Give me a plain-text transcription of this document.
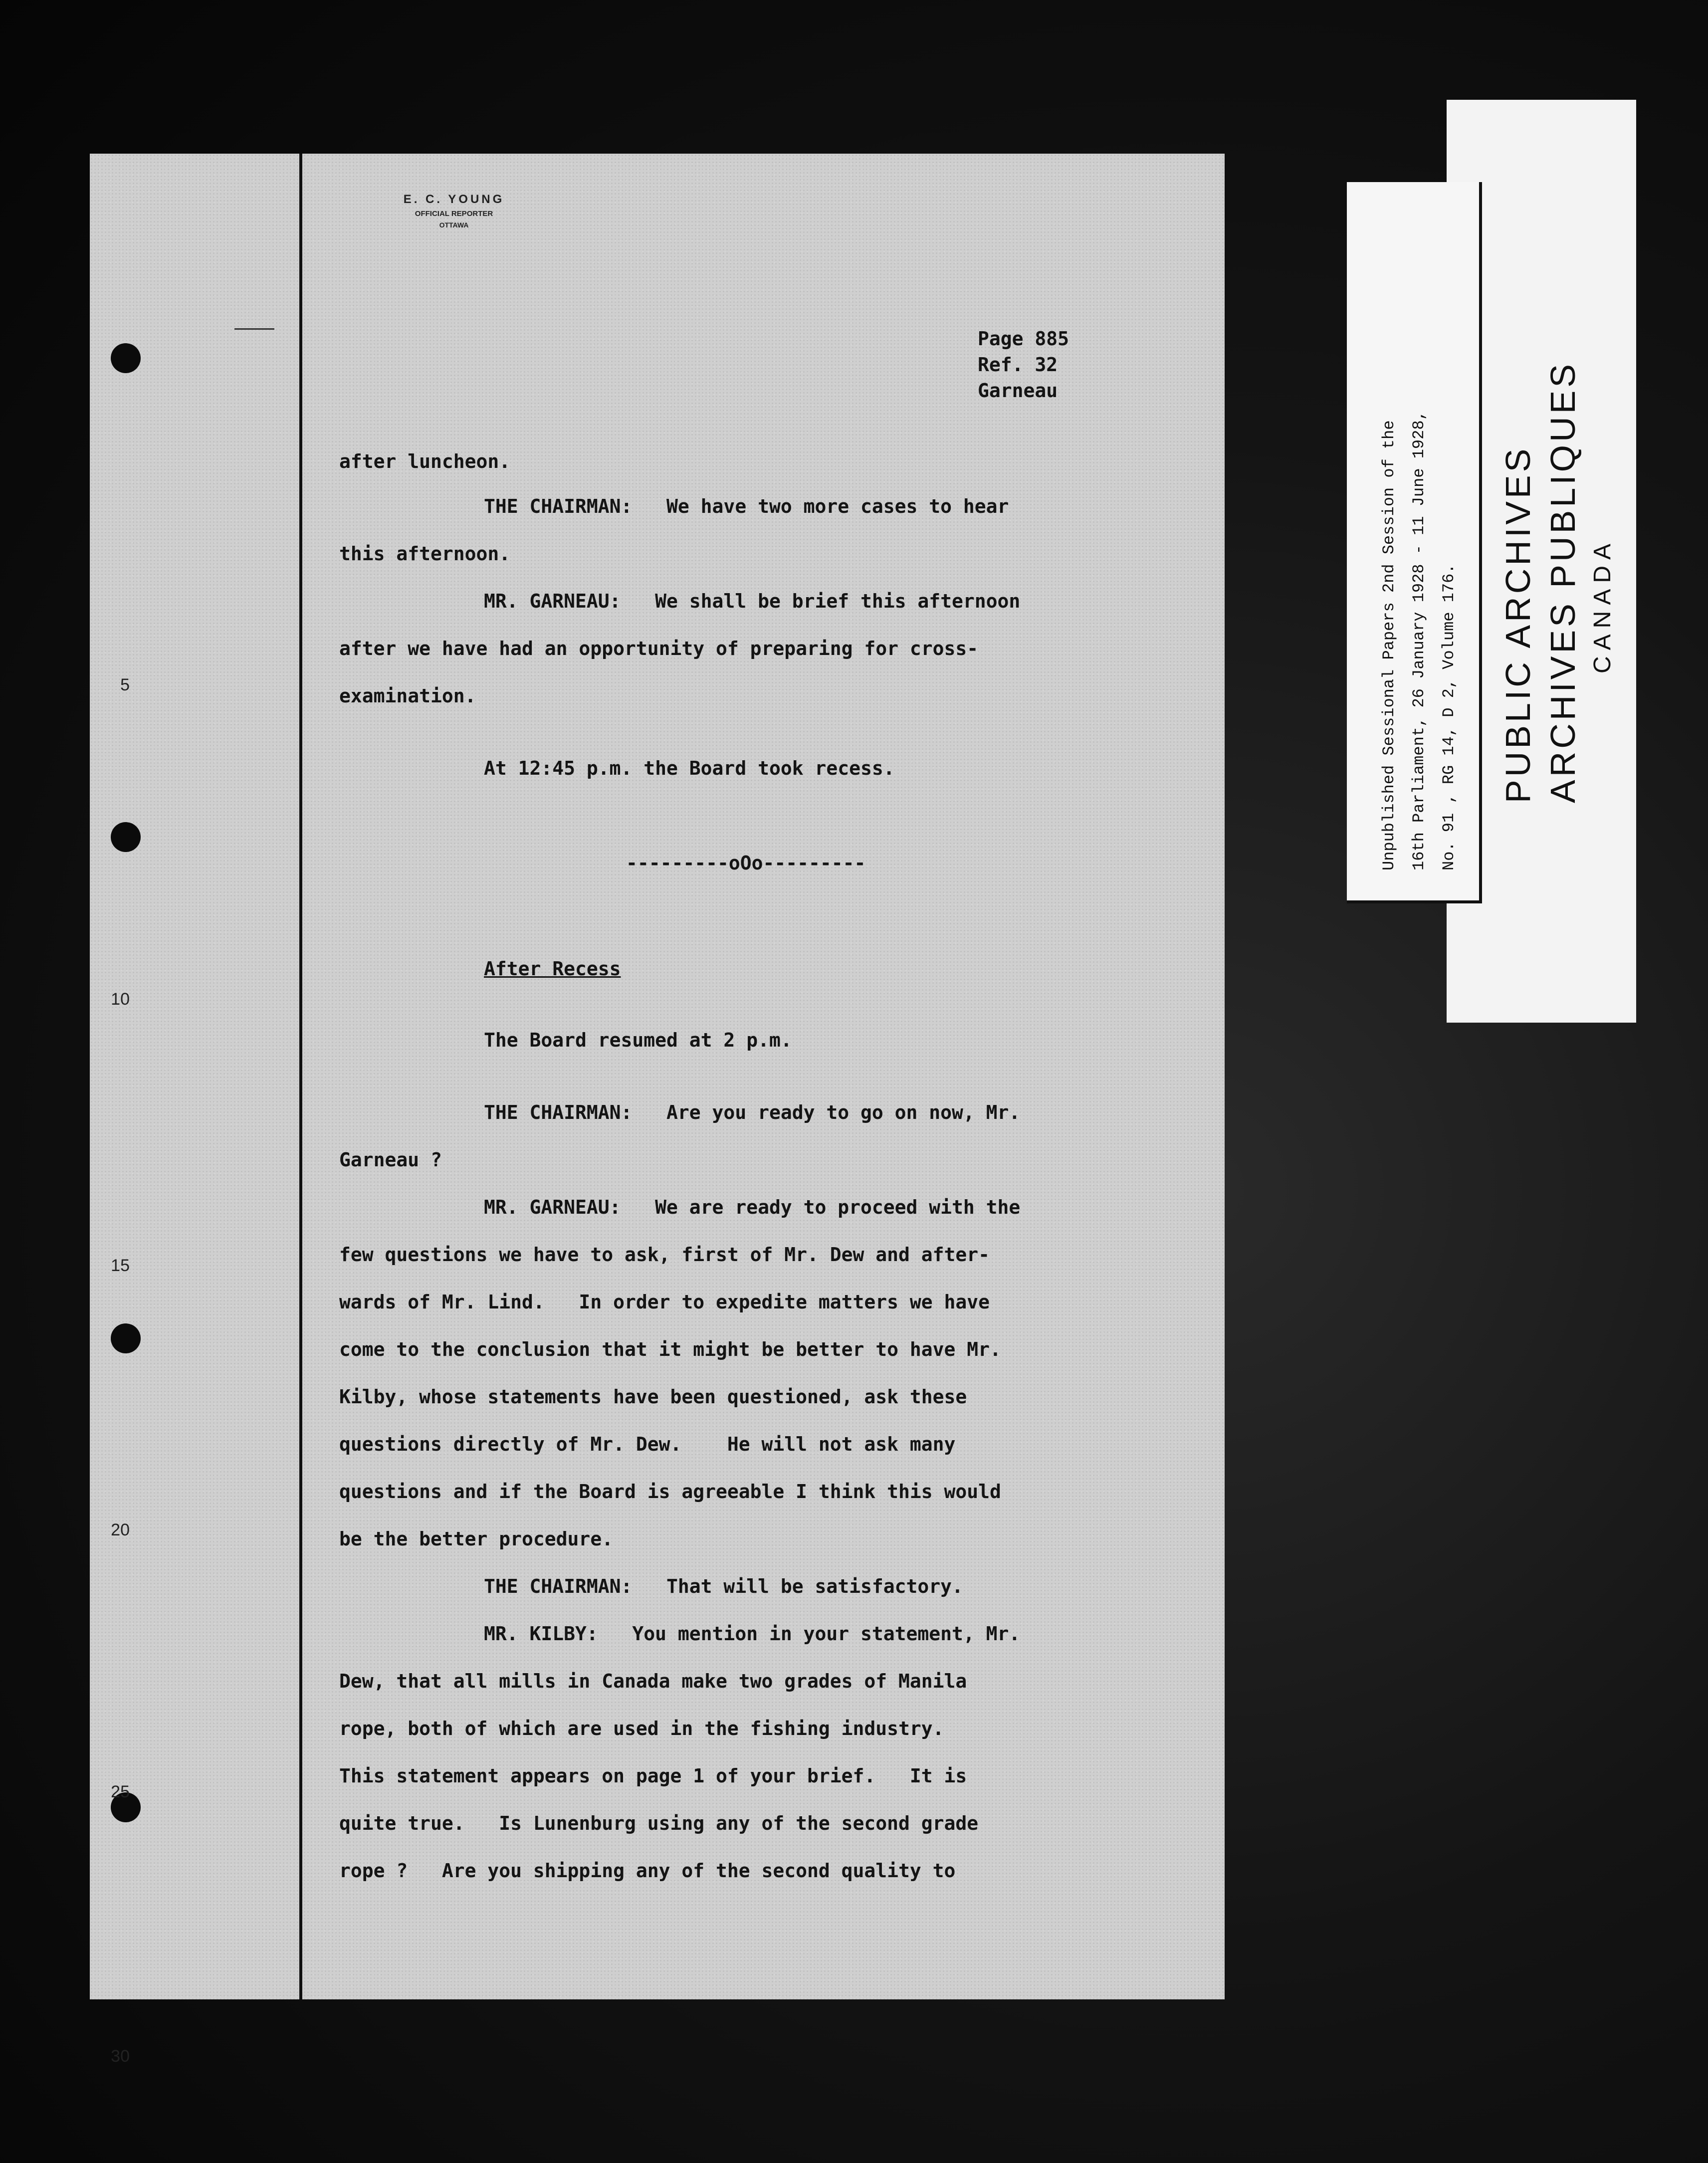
E. C. YOUNG
OFFICIAL REPORTER
OTTAWA
Page 885
Ref. 32
Garneau
5
10
15
20
25
30

after luncheon.

THE CHAIRMAN:   We have two more cases to hear

this afternoon.

MR. GARNEAU:   We shall be brief this afternoon

after we have had an opportunity of preparing for cross-

examination.

At 12:45 p.m. the Board took recess.

---------oOo---------

After Recess

The Board resumed at 2 p.m.

THE CHAIRMAN:   Are you ready to go on now, Mr.

Garneau ?

MR. GARNEAU:   We are ready to proceed with the

few questions we have to ask, first of Mr. Dew and after-

wards of Mr. Lind.   In order to expedite matters we have

come to the conclusion that it might be better to have Mr.

Kilby, whose statements have been questioned, ask these

questions directly of Mr. Dew.    He will not ask many

questions and if the Board is agreeable I think this would

be the better procedure.

THE CHAIRMAN:   That will be satisfactory.

MR. KILBY:   You mention in your statement, Mr.

Dew, that all mills in Canada make two grades of Manila

rope, both of which are used in the fishing industry.

This statement appears on page 1 of your brief.   It is

quite true.   Is Lunenburg using any of the second grade

rope ?   Are you shipping any of the second quality to

PUBLIC ARCHIVES ARCHIVES PUBLIQUES CANADA
Unpublished Sessional Papers 2nd Session of the 16th Parliament, 26 January 1928 - 11 June 1928, No. 91 , RG 14, D 2, Volume 176.
